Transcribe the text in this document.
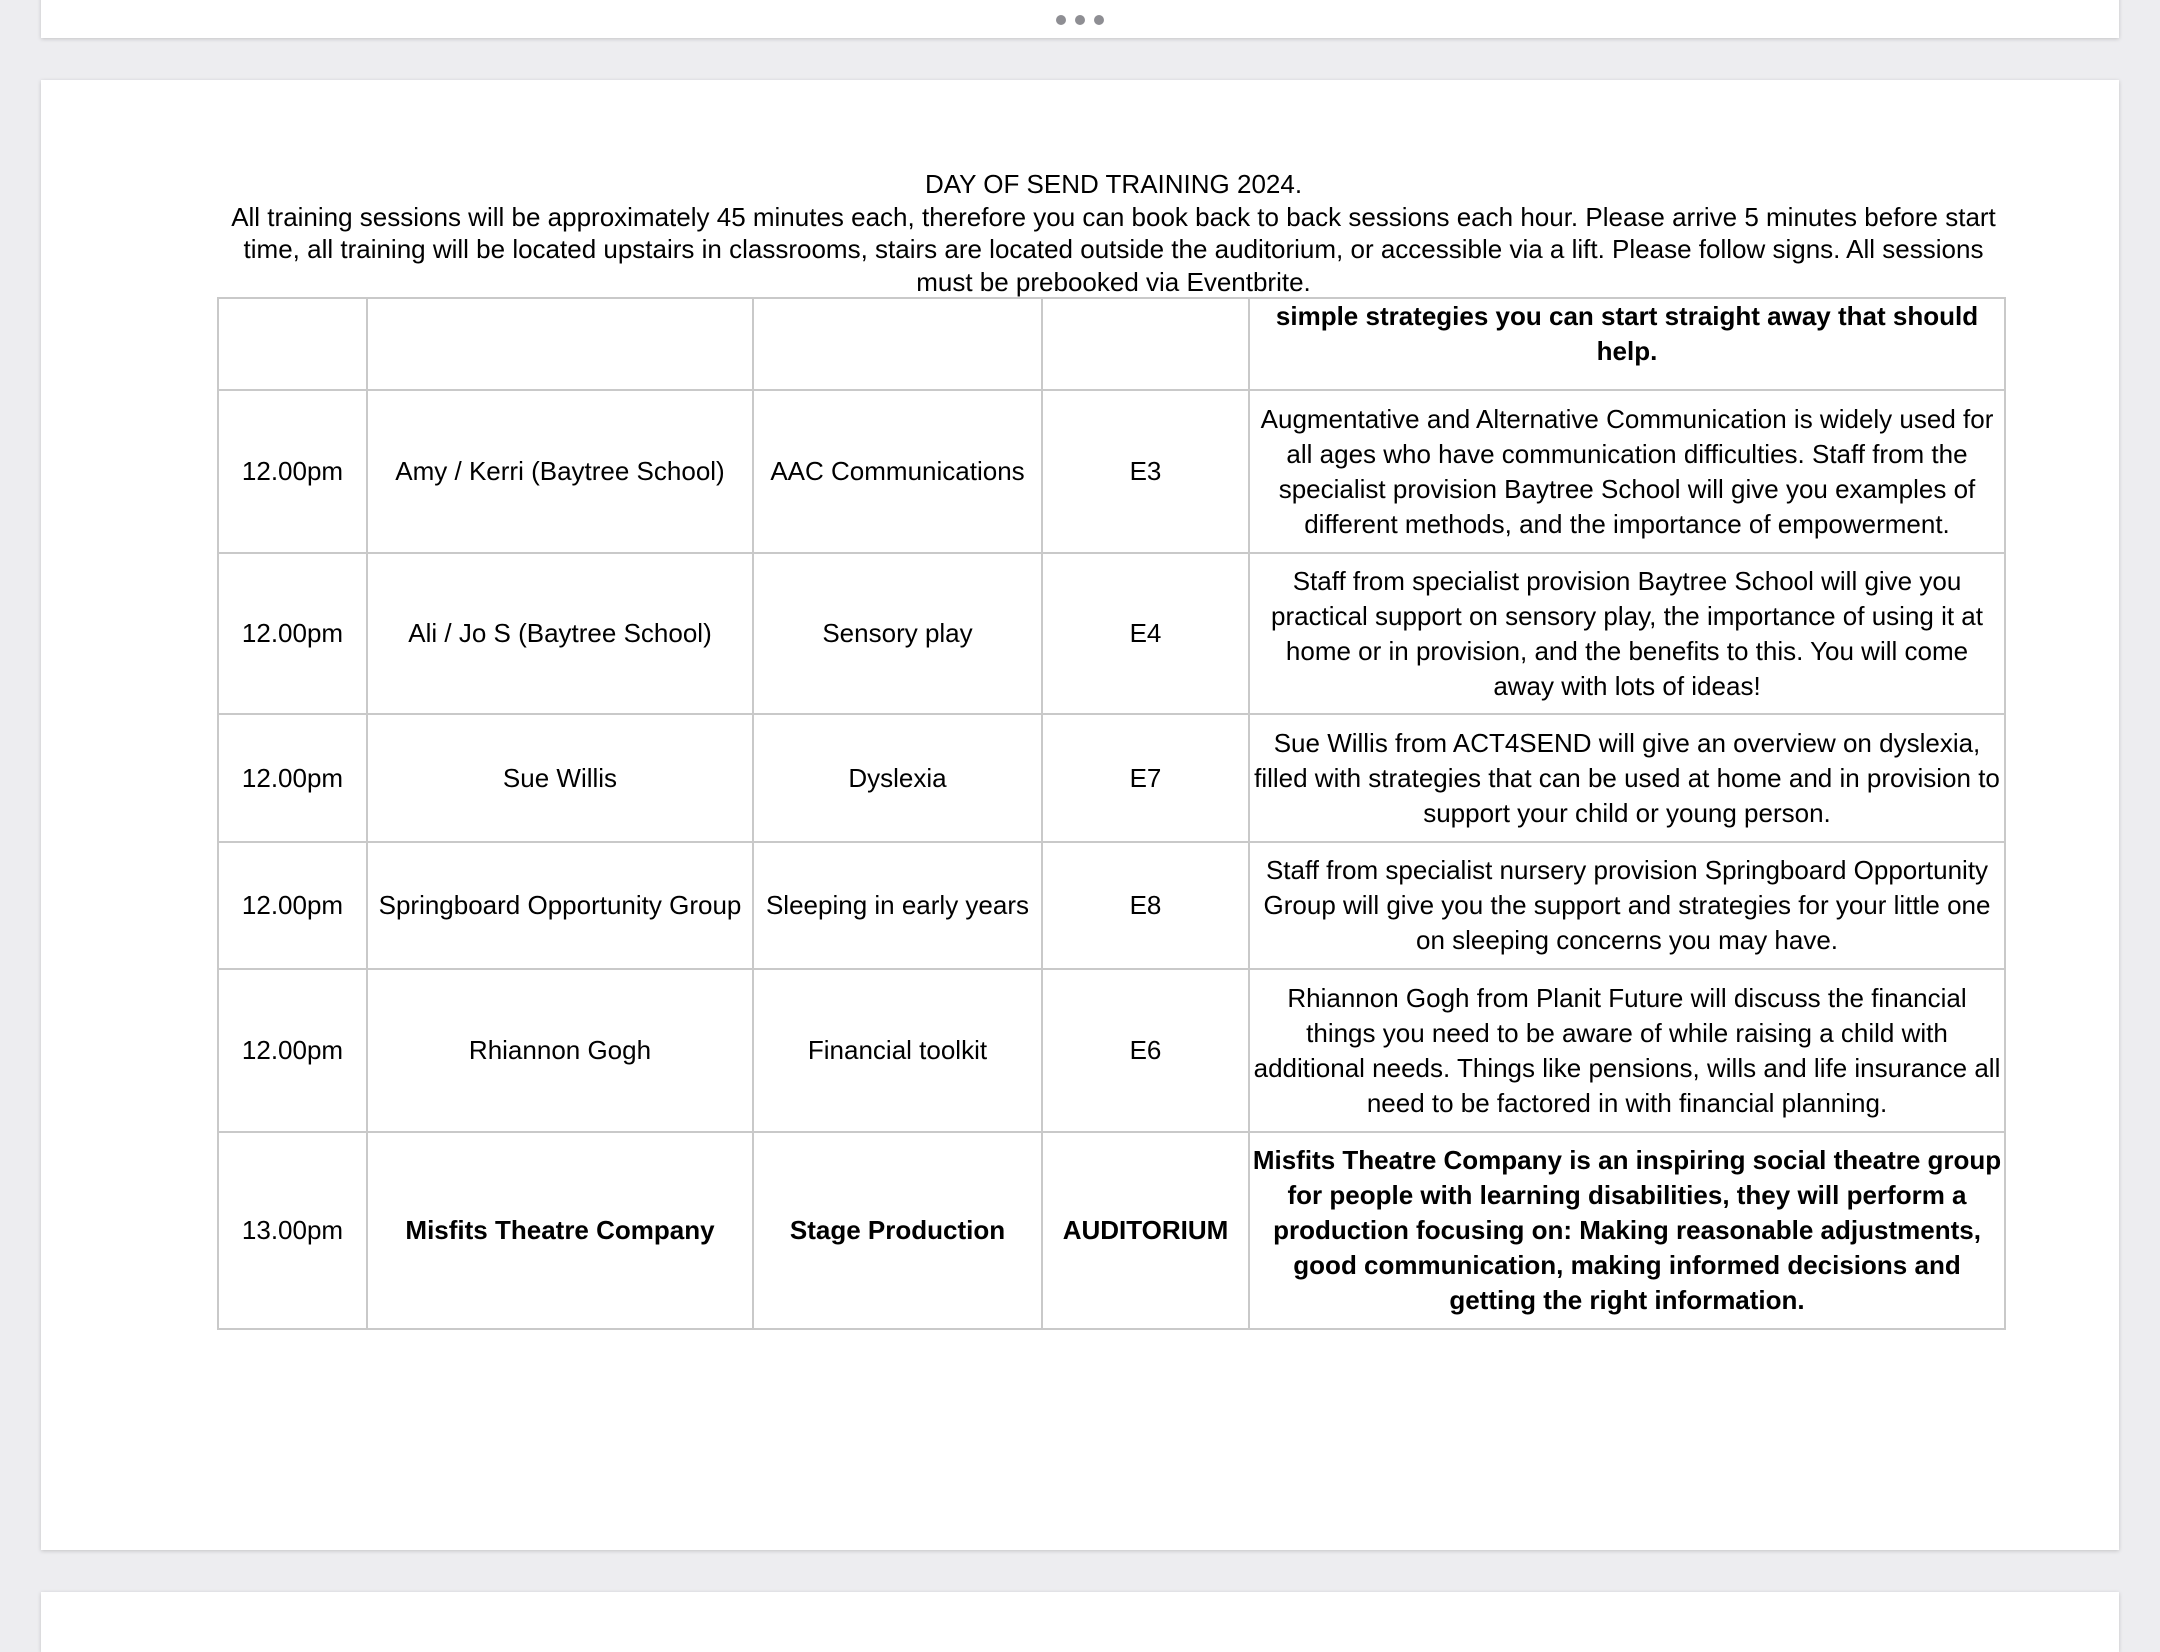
DAY OF SEND TRAINING 2024.
All training sessions will be approximately 45 minutes each, therefore you can book back to back sessions each hour. Please arrive 5 minutes before start time, all training will be located upstairs in classrooms, stairs are located outside the auditorium, or accessible via a lift. Please follow signs. All sessions must be prebooked via Eventbrite.
				simple strategies you can start straight away that should help.
12.00pm	Amy / Kerri (Baytree School)	AAC Communications	E3	Augmentative and Alternative Communication is widely used for all ages who have communication difficulties. Staff from the specialist provision Baytree School will give you examples of different methods, and the importance of empowerment.
12.00pm	Ali / Jo S (Baytree School)	Sensory play	E4	Staff from specialist provision Baytree School will give you practical support on sensory play, the importance of using it at home or in provision, and the benefits to this. You will come away with lots of ideas!
12.00pm	Sue Willis	Dyslexia	E7	Sue Willis from ACT4SEND will give an overview on dyslexia, filled with strategies that can be used at home and in provision to support your child or young person.
12.00pm	Springboard Opportunity Group	Sleeping in early years	E8	Staff from specialist nursery provision Springboard Opportunity Group will give you the support and strategies for your little one on sleeping concerns you may have.
12.00pm	Rhiannon Gogh	Financial toolkit	E6	Rhiannon Gogh from Planit Future will discuss the financial things you need to be aware of while raising a child with additional needs. Things like pensions, wills and life insurance all need to be factored in with financial planning.
13.00pm	Misfits Theatre Company	Stage Production	AUDITORIUM	Misfits Theatre Company is an inspiring social theatre group for people with learning disabilities, they will perform a production focusing on: Making reasonable adjustments, good communication, making informed decisions and getting the right information.
